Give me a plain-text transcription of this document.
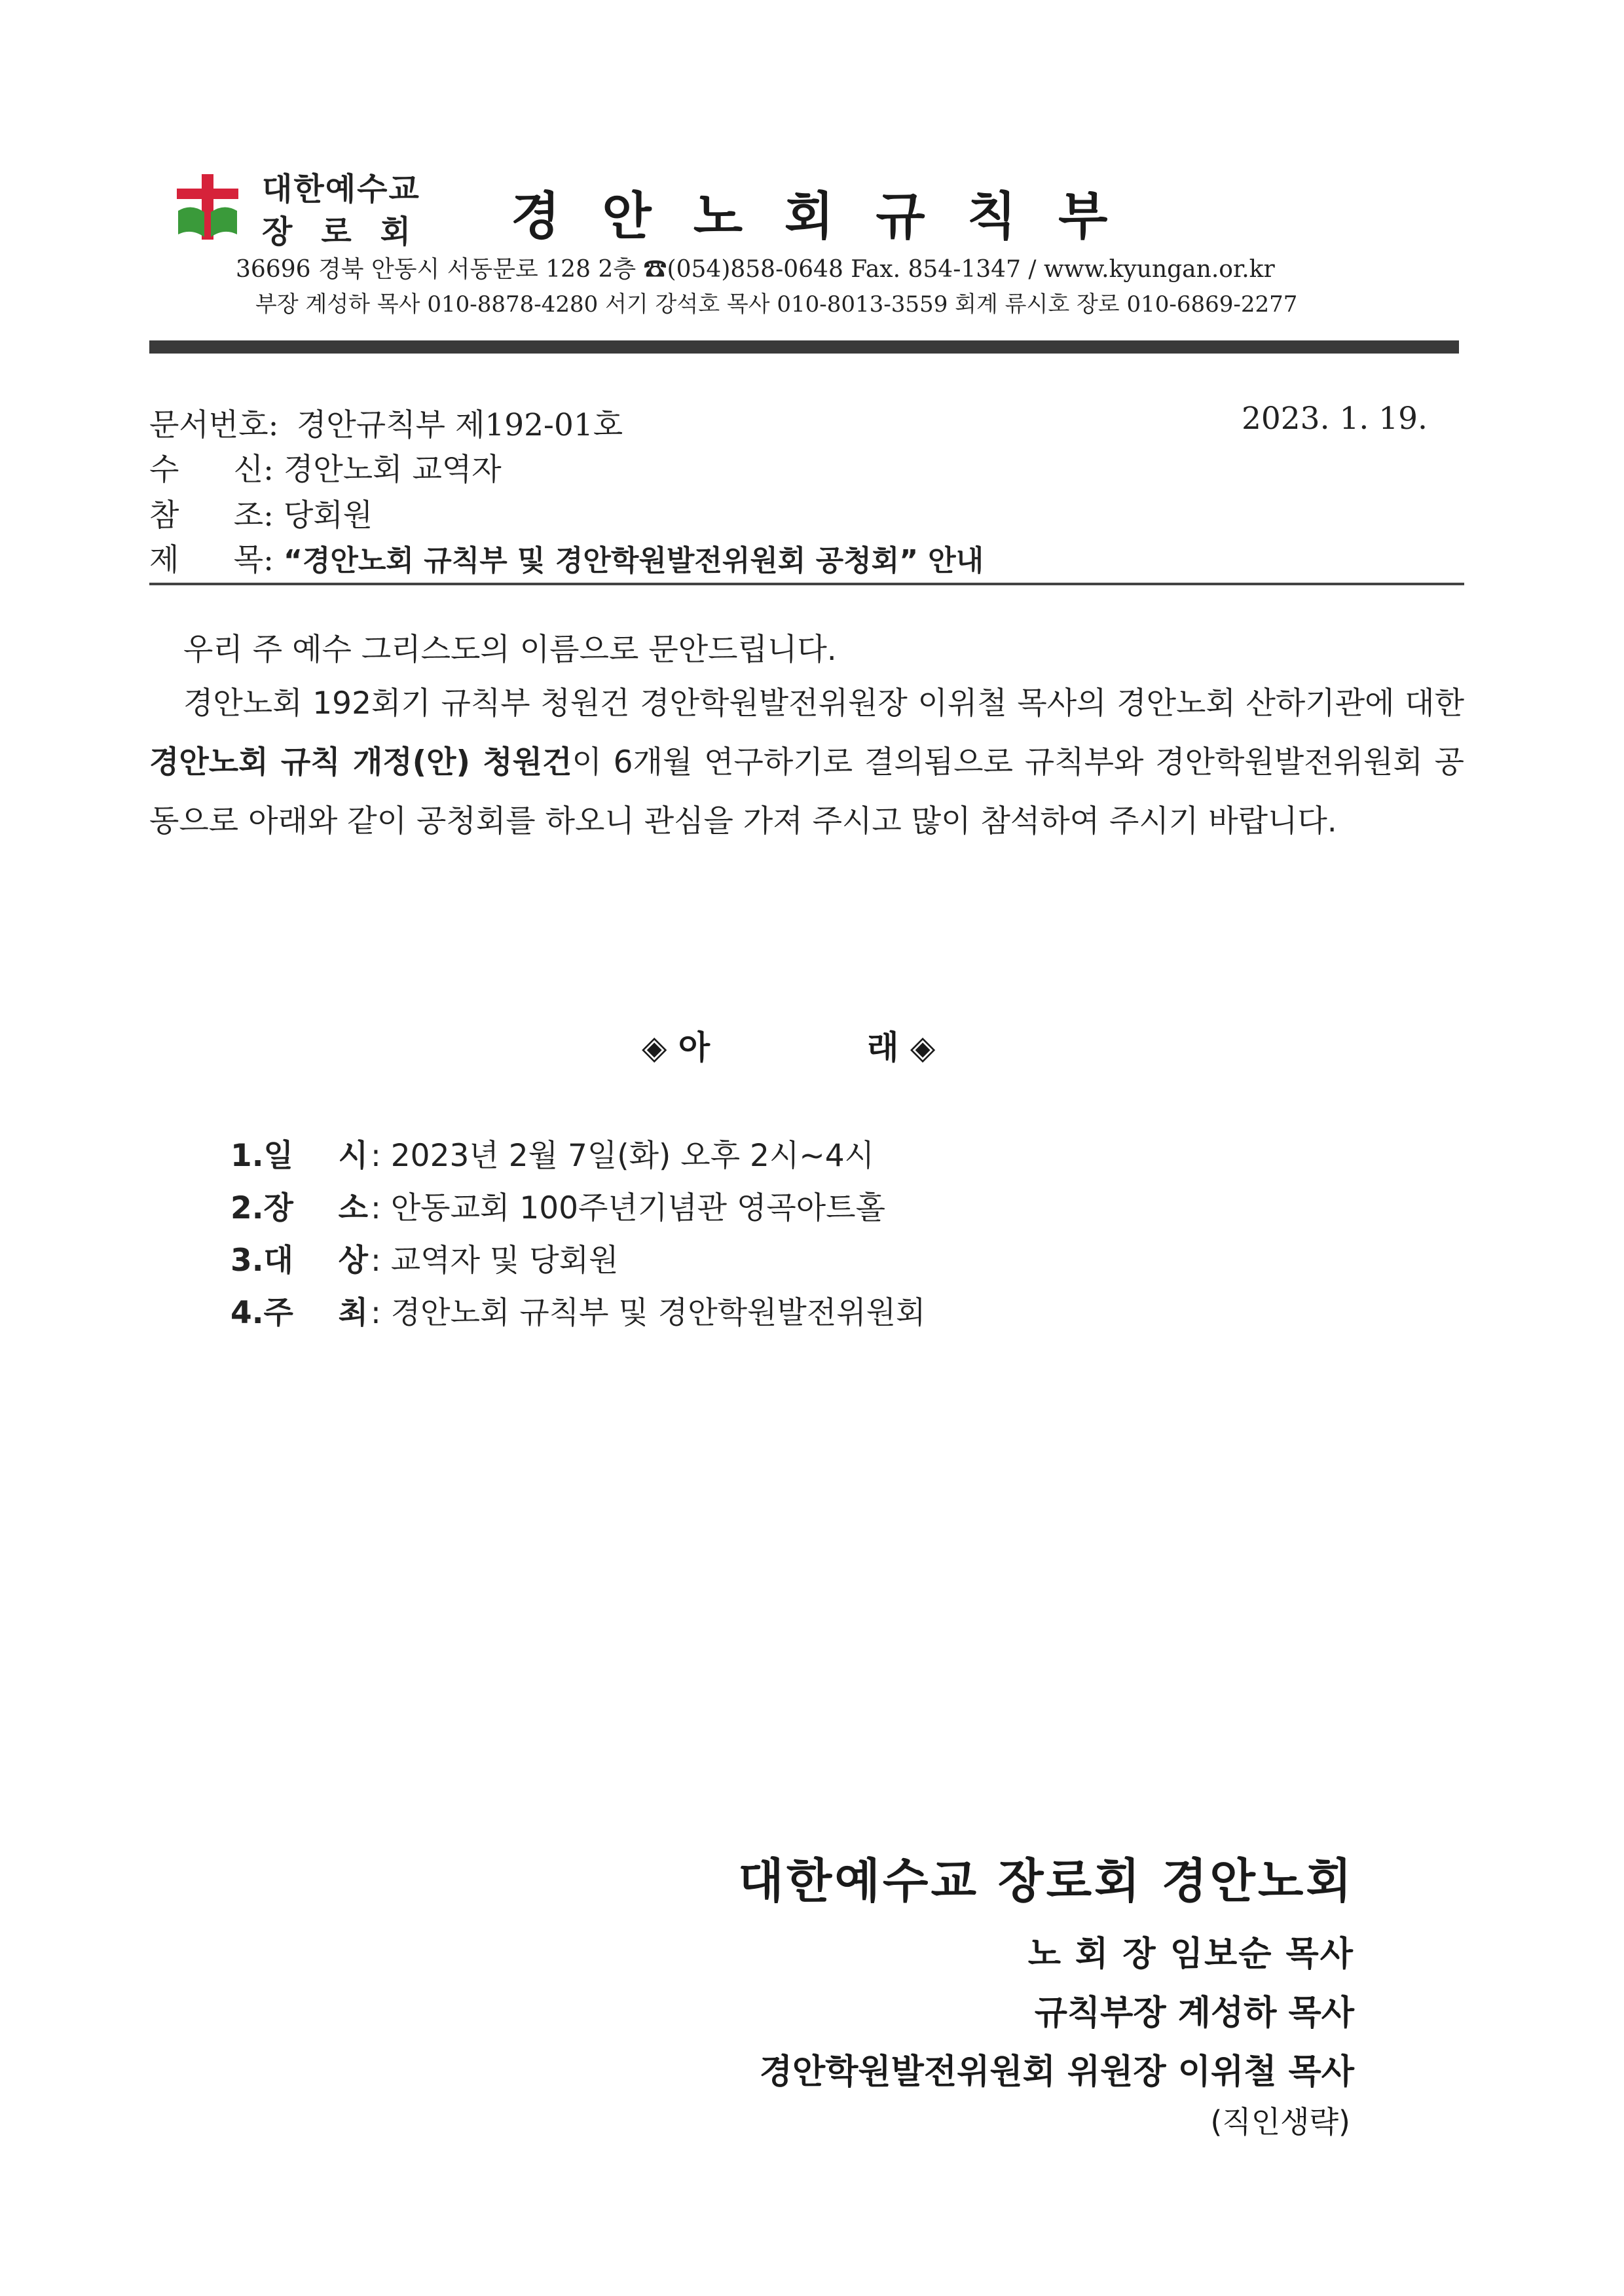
대한예수교
장로회 경안노회규칙부
36696 경북 안동시 서동문로 128 2층 ☎(054)858-0648 Fax. 854-1347 / www.kyungan.or.kr
부장 계성하 목사 010-8878-4280 서기 강석호 목사 010-8013-3559 회계 류시호 장로 010-6869-2277
문서번호: 경안규칙부 제192-01호	2023. 1. 19.
수 신: 경안노회 교역자
참 조: 당회원
제 목: “경안노회 규칙부 및 경안학원발전위원회 공청회” 안내
우리 주 예수 그리스도의 이름으로 문안드립니다.
경안노회 192회기 규칙부 청원건 경안학원발전위원장 이위철 목사의 경안노회 산하기관에 대한 경안노회 규칙 개정(안) 청원건이 6개월 연구하기로 결의됨으로 규칙부와 경안학원발전위원회 공동으로 아래와 같이 공청회를 하오니 관심을 가져 주시고 많이 참석하여 주시기 바랍니다.
◈ 아	래 ◈
1.일 시: 2023년 2월 7일(화) 오후 2시~4시
2.장 소: 안동교회 100주년기념관 영곡아트홀
3.대 상: 교역자 및 당회원
4.주 최: 경안노회 규칙부 및 경안학원발전위원회
대한예수교 장로회 경안노회
노 회 장 임보순 목사
규칙부장 계성하 목사
경안학원발전위원회 위원장 이위철 목사
(직인생략)
